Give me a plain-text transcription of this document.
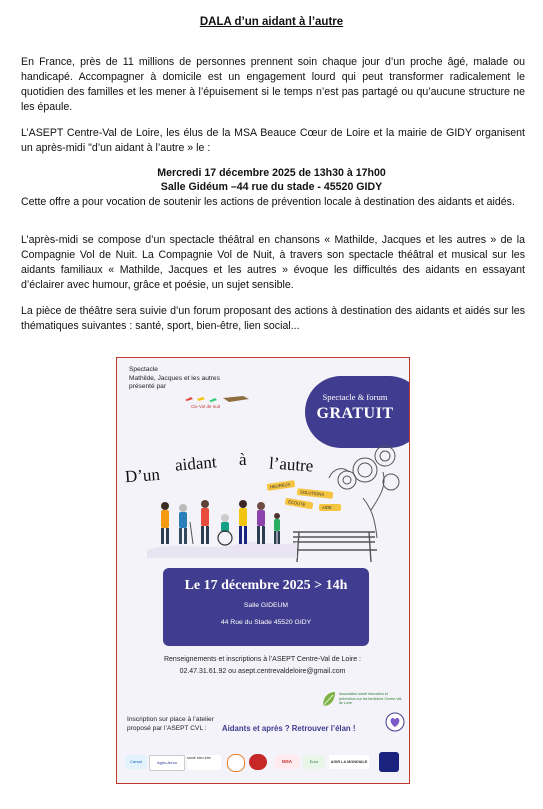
DALA d’un aidant à l’autre

En France, près de 11 millions de personnes prennent soin chaque jour d’un proche âgé, malade ou handicapé. Accompagner à domicile est un engagement lourd qui peut transformer radicalement le quotidien des familles et les mener à l’épuisement si le temps n’est pas partagé ou qu’aucune structure ne les épaule.

L’ASEPT Centre-Val de Loire, les élus de la MSA Beauce Cœur de Loire et la mairie de GIDY organisent un après-midi "d’un aidant à l’autre » le :

Mercredi 17 décembre 2025 de 13h30 à 17h00
Salle Gidéum –44 rue du stade - 45520 GIDY

Cette offre a pour vocation de soutenir les actions de prévention locale à destination des aidants et aidés.

L’après-midi se compose d’un spectacle théâtral en chansons « Mathilde, Jacques et les autres » de la Compagnie Vol de Nuit. La Compagnie Vol de Nuit, à travers son spectacle théâtral et musical sur les aidants familiaux « Mathilde, Jacques et les autres » évoque les difficultés des aidants en essayant d’éclairer avec humour, grâce et poésie, un sujet sensible.

La pièce de théâtre sera suivie d’un forum proposant des actions à destination des aidants et aidés sur les thématiques suivantes : santé, sport, bien-être, lien social...

Spectacle
Mathilde, Jacques et les autres
présenté par
Cie Vol de nuit
Spectacle & forum
GRATUIT
D’un
aidant à l’autre
HEUREUX
SOLUTIONS
ÉCOUTE
AIDE
Le 17 décembre 2025 > 14h
Salle GIDEUM
44 Rue du Stade 45520 GIDY
Renseignements et inscriptions à l’ASEPT Centre-Val de Loire :
02.47.31.61.92 ou asept.centrevaldeloire@gmail.com
Association santé éducation et prévention sur les territoires Centre-Val de Loire
Inscription sur place à l’atelier
proposé par l’ASEPT CVL :	Aidants et après ? Retrouver l’élan !
Carsat	Agirc-Arrco
santé bien-être
MSA	Euro	AGIR LA MONDIALE
